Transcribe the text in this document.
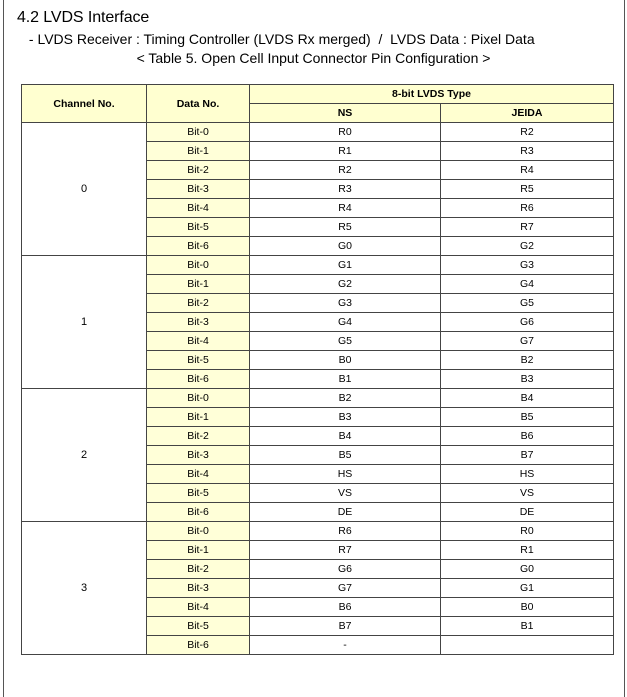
4.2 LVDS Interface
- LVDS Receiver : Timing Controller (LVDS Rx merged)  /  LVDS Data : Pixel Data
< Table 5. Open Cell Input Connector Pin Configuration >
Channel No.	Data No.	8-bit LVDS Type	
		NS	JEIDA
0	Bit-0	R0	R2
	Bit-1	R1	R3
	Bit-2	R2	R4
	Bit-3	R3	R5
	Bit-4	R4	R6
	Bit-5	R5	R7
	Bit-6	G0	G2
1	Bit-0	G1	G3
	Bit-1	G2	G4
	Bit-2	G3	G5
	Bit-3	G4	G6
	Bit-4	G5	G7
	Bit-5	B0	B2
	Bit-6	B1	B3
2	Bit-0	B2	B4
	Bit-1	B3	B5
	Bit-2	B4	B6
	Bit-3	B5	B7
	Bit-4	HS	HS
	Bit-5	VS	VS
	Bit-6	DE	DE
3	Bit-0	R6	R0
	Bit-1	R7	R1
	Bit-2	G6	G0
	Bit-3	G7	G1
	Bit-4	B6	B0
	Bit-5	B7	B1
	Bit-6	-	
